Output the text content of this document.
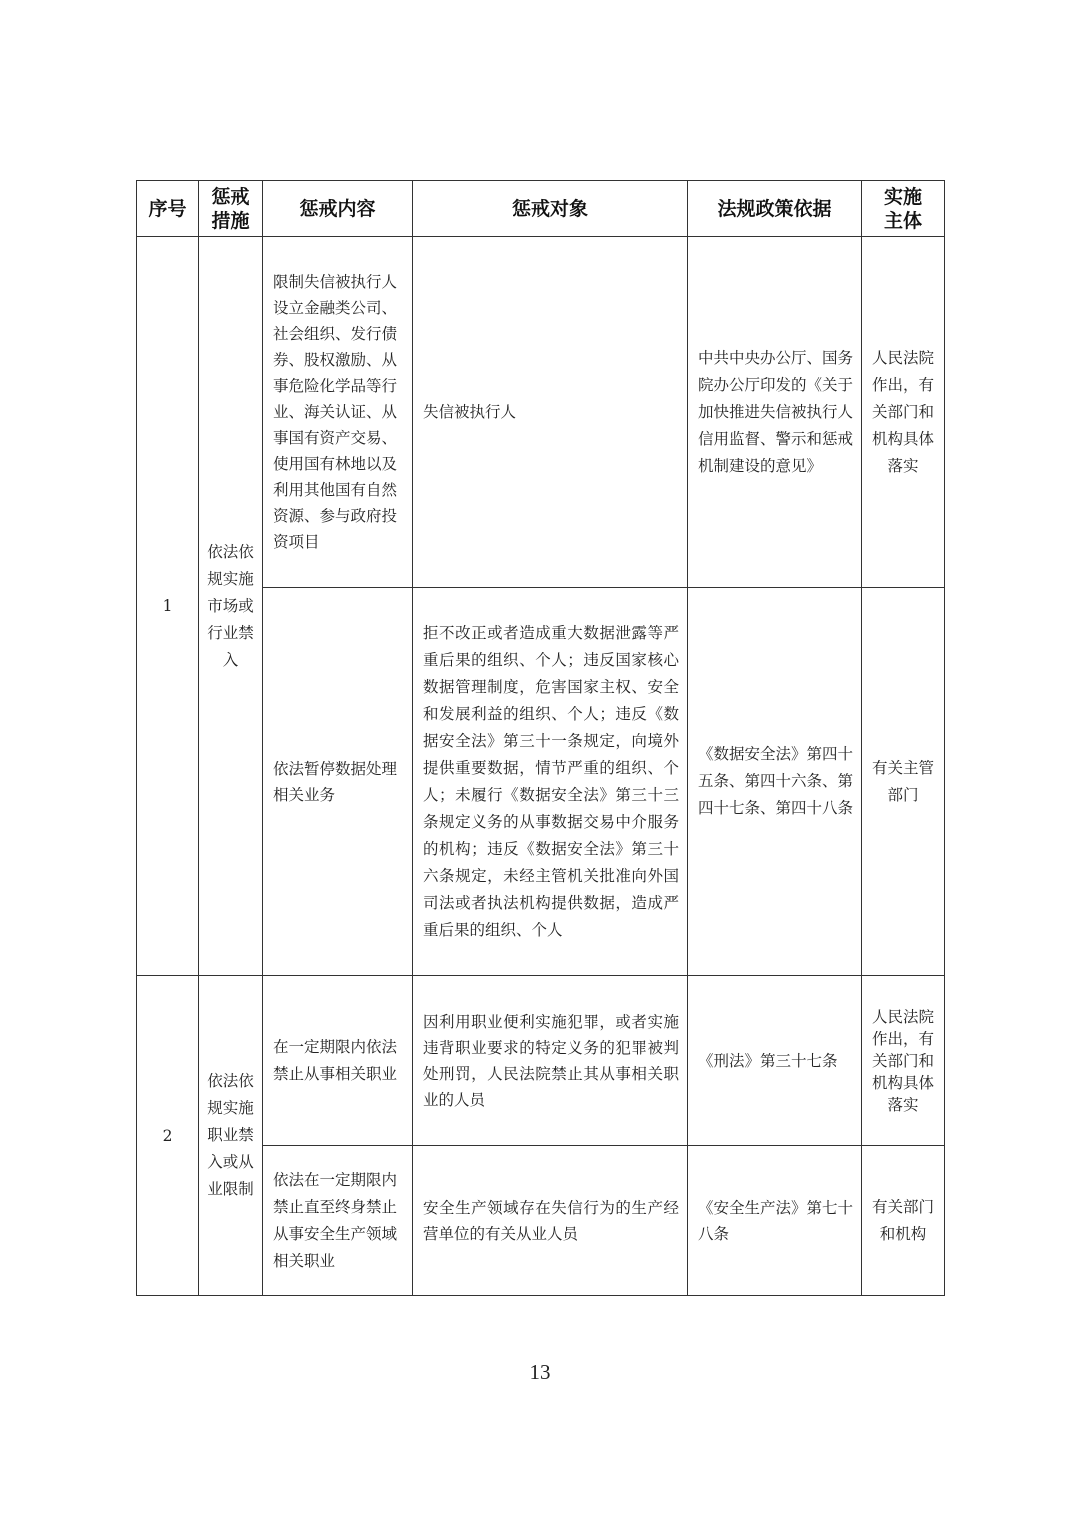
序号	惩戒措施	惩戒内容	惩戒对象	法规政策依据	实施主体
1	依法依规实施市场或行业禁入	限制失信被执行人设立金融类公司、社会组织、发行债券、股权激励、从事危险化学品等行业、海关认证、从事国有资产交易、使用国有林地以及利用其他国有自然资源、参与政府投资项目	失信被执行人	中共中央办公厅、国务院办公厅印发的《关于加快推进失信被执行人信用监督、警示和惩戒机制建设的意见》	人民法院作出，有关部门和机构具体落实
		依法暂停数据处理相关业务	拒不改正或者造成重大数据泄露等严重后果的组织、个人；违反国家核心数据管理制度，危害国家主权、安全和发展利益的组织、个人；违反《数据安全法》第三十一条规定，向境外提供重要数据，情节严重的组织、个人；未履行《数据安全法》第三十三条规定义务的从事数据交易中介服务的机构；违反《数据安全法》第三十六条规定，未经主管机关批准向外国司法或者执法机构提供数据，造成严重后果的组织、个人	《数据安全法》第四十五条、第四十六条、第四十七条、第四十八条	有关主管部门
2	依法依规实施职业禁入或从业限制	在一定期限内依法禁止从事相关职业	因利用职业便利实施犯罪，或者实施违背职业要求的特定义务的犯罪被判处刑罚，人民法院禁止其从事相关职业的人员	《刑法》第三十七条	人民法院作出，有关部门和机构具体落实
		依法在一定期限内禁止直至终身禁止从事安全生产领域相关职业	安全生产领域存在失信行为的生产经营单位的有关从业人员	《安全生产法》第七十八条	有关部门和机构
13
